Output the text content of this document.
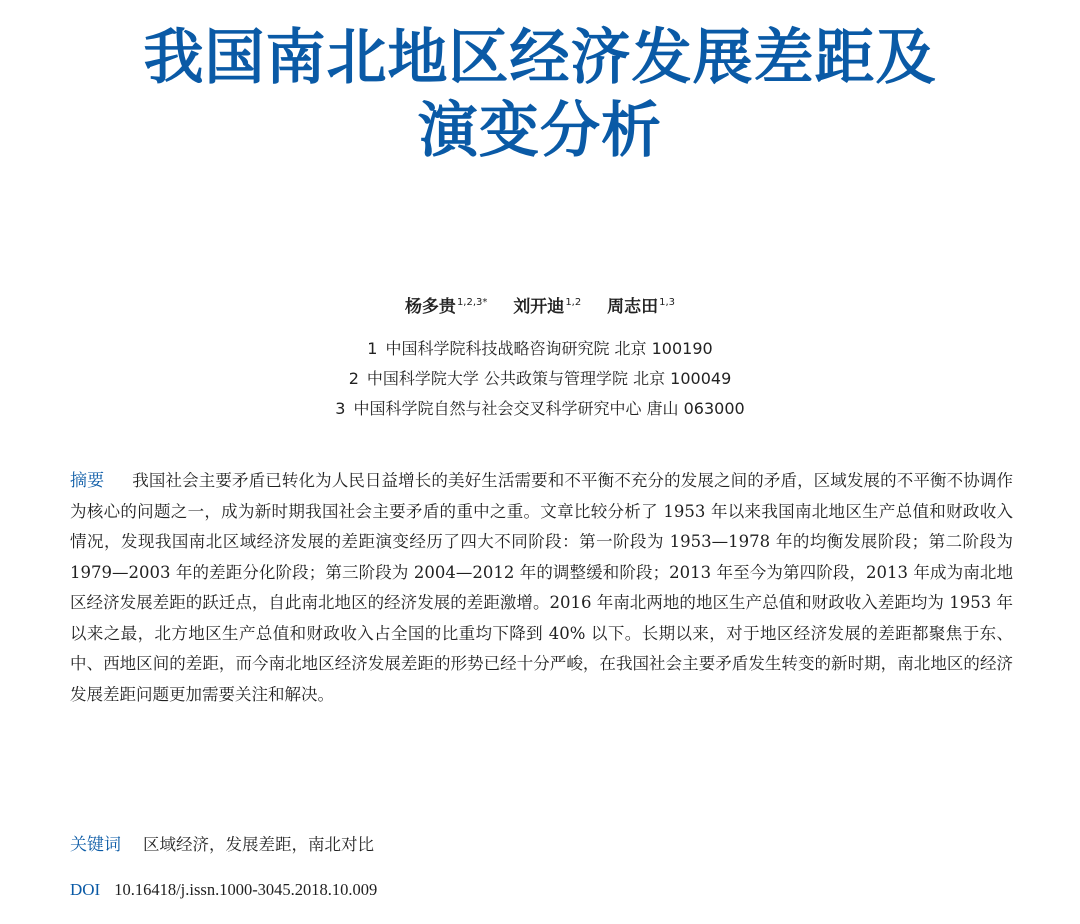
我国南北地区经济发展差距及
演变分析
杨多贵$^{1,2,3*}$ 刘开迪$^{1,2}$ 周志田$^{1,3}$
1 中国科学院科技战略咨询研究院 北京 100190
2 中国科学院大学 公共政策与管理学院 北京 100049
3 中国科学院自然与社会交叉科学研究中心 唐山 063000
摘要 我国社会主要矛盾已转化为人民日益增长的美好生活需要和不平衡不充分的发展之间的矛盾，区域发展的不平衡不协调作为核心的问题之一，成为新时期我国社会主要矛盾的重中之重。文章比较分析了 1953 年以来我国南北地区生产总值和财政收入情况，发现我国南北区域经济发展的差距演变经历了四大不同阶段：第一阶段为 1953—1978 年的均衡发展阶段；第二阶段为 1979—2003 年的差距分化阶段；第三阶段为 2004—2012 年的调整缓和阶段；2013 年至今为第四阶段，2013 年成为南北地区经济发展差距的跃迁点，自此南北地区的经济发展的差距激增。2016 年南北两地的地区生产总值和财政收入差距均为 1953 年以来之最，北方地区生产总值和财政收入占全国的比重均下降到 40% 以下。长期以来，对于地区经济发展的差距都聚焦于东、中、西地区间的差距，而今南北地区经济发展差距的形势已经十分严峻，在我国社会主要矛盾发生转变的新时期，南北地区的经济发展差距问题更加需要关注和解决。
关键词 区域经济，发展差距，南北对比
DOI 10.16418/j.issn.1000-3045.2018.10.009
